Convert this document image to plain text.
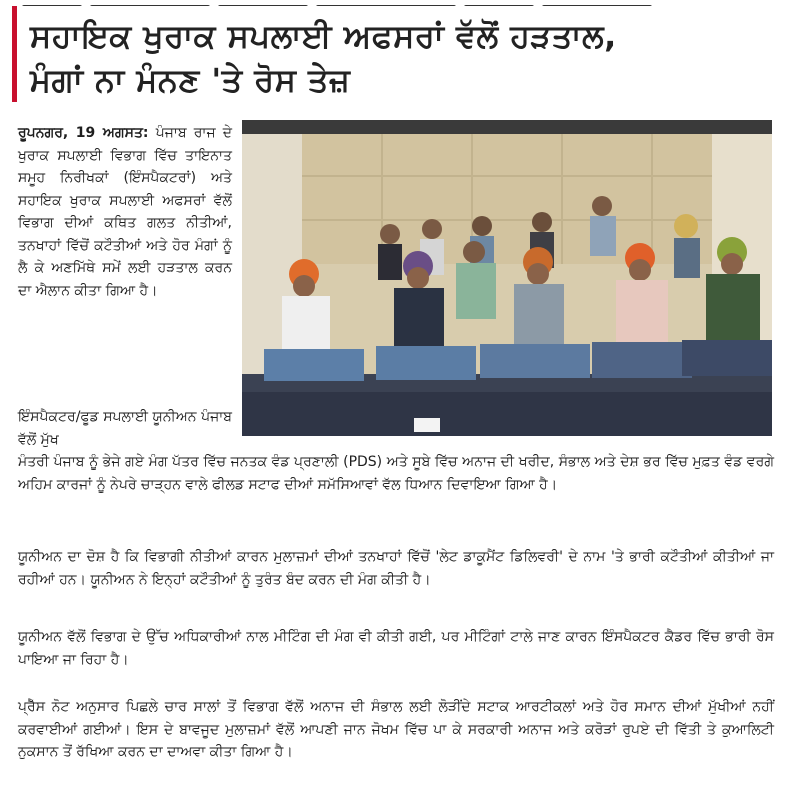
ਸਹਾਇਕ ਖੁਰਾਕ ਸਪਲਾਈ ਅਫਸਰਾਂ ਵੱਲੋਂ ਹੜਤਾਲ,
ਮੰਗਾਂ ਨਾ ਮੰਨਣ 'ਤੇ ਰੋਸ ਤੇਜ਼
ਰੂਪਨਗਰ, 19 ਅਗਸਤ: ਪੰਜਾਬ ਰਾਜ ਦੇ ਖੁਰਾਕ ਸਪਲਾਈ ਵਿਭਾਗ ਵਿੱਚ ਤਾਇਨਾਤ ਸਮੂਹ ਨਿਰੀਖਕਾਂ (ਇੰਸਪੈਕਟਰਾਂ) ਅਤੇ ਸਹਾਇਕ ਖੁਰਾਕ ਸਪਲਾਈ ਅਫਸਰਾਂ ਵੱਲੋਂ ਵਿਭਾਗ ਦੀਆਂ ਕਥਿਤ ਗਲਤ ਨੀਤੀਆਂ, ਤਨਖਾਹਾਂ ਵਿੱਚੋਂ ਕਟੌਤੀਆਂ ਅਤੇ ਹੋਰ ਮੰਗਾਂ ਨੂੰ ਲੈ ਕੇ ਅਣਮਿੱਥੇ ਸਮੇਂ ਲਈ ਹੜਤਾਲ ਕਰਨ ਦਾ ਐਲਾਨ ਕੀਤਾ ਗਿਆ ਹੈ।
ਇੰਸਪੈਕਟਰ/ਫੂਡ ਸਪਲਾਈ ਯੂਨੀਅਨ ਪੰਜਾਬ ਵੱਲੋਂ ਮੁੱਖ
ਮੰਤਰੀ ਪੰਜਾਬ ਨੂੰ ਭੇਜੇ ਗਏ ਮੰਗ ਪੱਤਰ ਵਿੱਚ ਜਨਤਕ ਵੰਡ ਪ੍ਰਣਾਲੀ (PDS) ਅਤੇ ਸੂਬੇ ਵਿੱਚ ਅਨਾਜ ਦੀ ਖਰੀਦ, ਸੰਭਾਲ ਅਤੇ ਦੇਸ਼ ਭਰ ਵਿੱਚ ਮੁਫ਼ਤ ਵੰਡ ਵਰਗੇ ਅਹਿਮ ਕਾਰਜਾਂ ਨੂੰ ਨੇਪਰੇ ਚਾੜ੍ਹਨ ਵਾਲੇ ਫੀਲਡ ਸਟਾਫ ਦੀਆਂ ਸਮੱਸਿਆਵਾਂ ਵੱਲ ਧਿਆਨ ਦਿਵਾਇਆ ਗਿਆ ਹੈ।
ਯੂਨੀਅਨ ਦਾ ਦੋਸ਼ ਹੈ ਕਿ ਵਿਭਾਗੀ ਨੀਤੀਆਂ ਕਾਰਨ ਮੁਲਾਜ਼ਮਾਂ ਦੀਆਂ ਤਨਖਾਹਾਂ ਵਿੱਚੋਂ 'ਲੇਟ ਡਾਕੂਮੈਂਟ ਡਿਲਿਵਰੀ' ਦੇ ਨਾਮ 'ਤੇ ਭਾਰੀ ਕਟੌਤੀਆਂ ਕੀਤੀਆਂ ਜਾ ਰਹੀਆਂ ਹਨ। ਯੂਨੀਅਨ ਨੇ ਇਨ੍ਹਾਂ ਕਟੌਤੀਆਂ ਨੂੰ ਤੁਰੰਤ ਬੰਦ ਕਰਨ ਦੀ ਮੰਗ ਕੀਤੀ ਹੈ।
ਯੂਨੀਅਨ ਵੱਲੋਂ ਵਿਭਾਗ ਦੇ ਉੱਚ ਅਧਿਕਾਰੀਆਂ ਨਾਲ ਮੀਟਿੰਗ ਦੀ ਮੰਗ ਵੀ ਕੀਤੀ ਗਈ, ਪਰ ਮੀਟਿੰਗਾਂ ਟਾਲੇ ਜਾਣ ਕਾਰਨ ਇੰਸਪੈਕਟਰ ਕੈਡਰ ਵਿੱਚ ਭਾਰੀ ਰੋਸ ਪਾਇਆ ਜਾ ਰਿਹਾ ਹੈ।
ਪ੍ਰੈੱਸ ਨੋਟ ਅਨੁਸਾਰ ਪਿਛਲੇ ਚਾਰ ਸਾਲਾਂ ਤੋਂ ਵਿਭਾਗ ਵੱਲੋਂ ਅਨਾਜ ਦੀ ਸੰਭਾਲ ਲਈ ਲੋੜੀਂਦੇ ਸਟਾਕ ਆਰਟੀਕਲਾਂ ਅਤੇ ਹੋਰ ਸਮਾਨ ਦੀਆਂ ਮੁੱਖੀਆਂ ਨਹੀਂ ਕਰਵਾਈਆਂ ਗਈਆਂ। ਇਸ ਦੇ ਬਾਵਜੂਦ ਮੁਲਾਜ਼ਮਾਂ ਵੱਲੋਂ ਆਪਣੀ ਜਾਨ ਜੋਖਮ ਵਿੱਚ ਪਾ ਕੇ ਸਰਕਾਰੀ ਅਨਾਜ ਅਤੇ ਕਰੋੜਾਂ ਰੁਪਏ ਦੀ ਵਿੱਤੀ ਤੇ ਕੁਆਲਿਟੀ ਨੁਕਸਾਨ ਤੋਂ ਰੱਖਿਆ ਕਰਨ ਦਾ ਦਾਅਵਾ ਕੀਤਾ ਗਿਆ ਹੈ।
